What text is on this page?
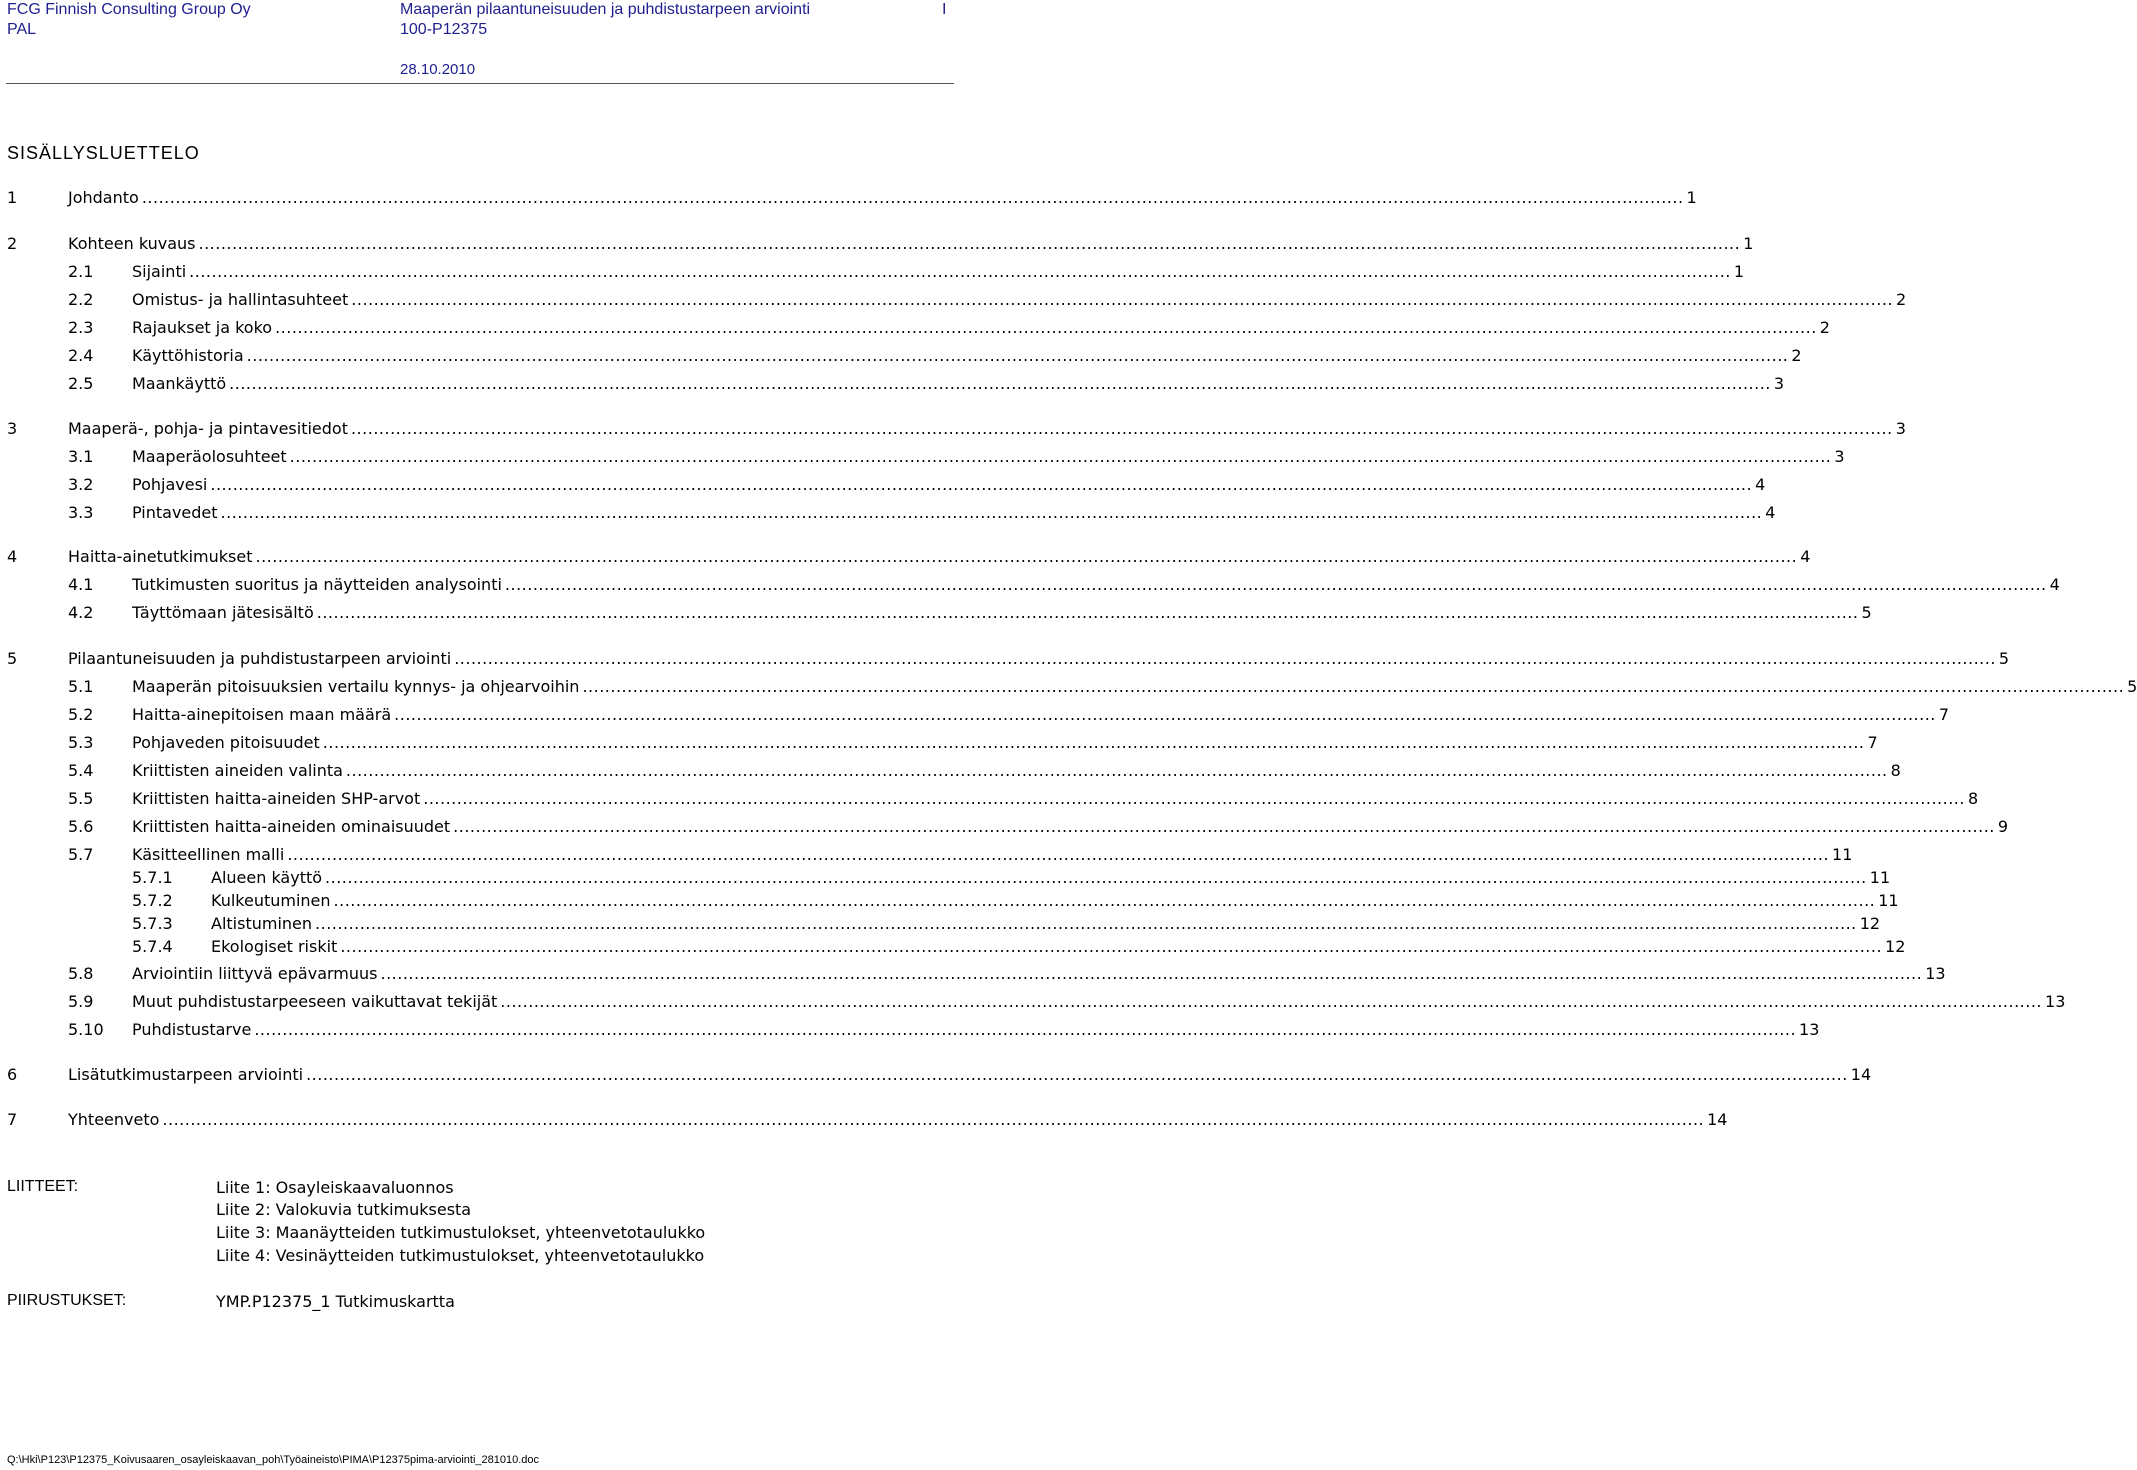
FCG Finnish Consulting Group Oy
PAL
Maaperän pilaantuneisuuden ja puhdistustarpeen arviointi
100-P12375
I
28.10.2010
SISÄLLYSLUETTELO
1	Johdanto .................................................................................................................................................................................................................................................................................... 1
2	Kohteen kuvaus .................................................................................................................................................................................................................................................................................... 1
2.1 Sijainti .................................................................................................................................................................................................................................................................................... 1
2.2 Omistus- ja hallintasuhteet .................................................................................................................................................................................................................................................................................... 2
2.3 Rajaukset ja koko .................................................................................................................................................................................................................................................................................... 2
2.4 Käyttöhistoria .................................................................................................................................................................................................................................................................................... 2
2.5 Maankäyttö .................................................................................................................................................................................................................................................................................... 3
3	Maaperä-, pohja- ja pintavesitiedot .................................................................................................................................................................................................................................................................................... 3
3.1 Maaperäolosuhteet .................................................................................................................................................................................................................................................................................... 3
3.2 Pohjavesi .................................................................................................................................................................................................................................................................................... 4
3.3 Pintavedet .................................................................................................................................................................................................................................................................................... 4
4	Haitta-ainetutkimukset .................................................................................................................................................................................................................................................................................... 4
4.1 Tutkimusten suoritus ja näytteiden analysointi .................................................................................................................................................................................................................................................................................... 4
4.2 Täyttömaan jätesisältö .................................................................................................................................................................................................................................................................................... 5
5	Pilaantuneisuuden ja puhdistustarpeen arviointi .................................................................................................................................................................................................................................................................................... 5
5.1 Maaperän pitoisuuksien vertailu kynnys- ja ohjearvoihin .................................................................................................................................................................................................................................................................................... 5
5.2 Haitta-ainepitoisen maan määrä .................................................................................................................................................................................................................................................................................... 7
5.3 Pohjaveden pitoisuudet .................................................................................................................................................................................................................................................................................... 7
5.4 Kriittisten aineiden valinta .................................................................................................................................................................................................................................................................................... 8
5.5 Kriittisten haitta-aineiden SHP-arvot .................................................................................................................................................................................................................................................................................... 8
5.6 Kriittisten haitta-aineiden ominaisuudet .................................................................................................................................................................................................................................................................................... 9
5.7 Käsitteellinen malli .................................................................................................................................................................................................................................................................................... 11
5.7.1 Alueen käyttö .................................................................................................................................................................................................................................................................................... 11
5.7.2 Kulkeutuminen .................................................................................................................................................................................................................................................................................... 11
5.7.3 Altistuminen .................................................................................................................................................................................................................................................................................... 12
5.7.4 Ekologiset riskit .................................................................................................................................................................................................................................................................................... 12
5.8 Arviointiin liittyvä epävarmuus .................................................................................................................................................................................................................................................................................... 13
5.9 Muut puhdistustarpeeseen vaikuttavat tekijät .................................................................................................................................................................................................................................................................................... 13
5.10 Puhdistustarve .................................................................................................................................................................................................................................................................................... 13
6	Lisätutkimustarpeen arviointi .................................................................................................................................................................................................................................................................................... 14
7	Yhteenveto .................................................................................................................................................................................................................................................................................... 14
LIITTEET:	Liite 1: Osayleiskaavaluonnos
Liite 2: Valokuvia tutkimuksesta
Liite 3: Maanäytteiden tutkimustulokset, yhteenvetotaulukko
Liite 4: Vesinäytteiden tutkimustulokset, yhteenvetotaulukko
PIIRUSTUKSET:	YMP.P12375_1 Tutkimuskartta
Q:\Hki\P123\P12375_Koivusaaren_osayleiskaavan_poh\Työaineisto\PIMA\P12375pima-arviointi_281010.doc
